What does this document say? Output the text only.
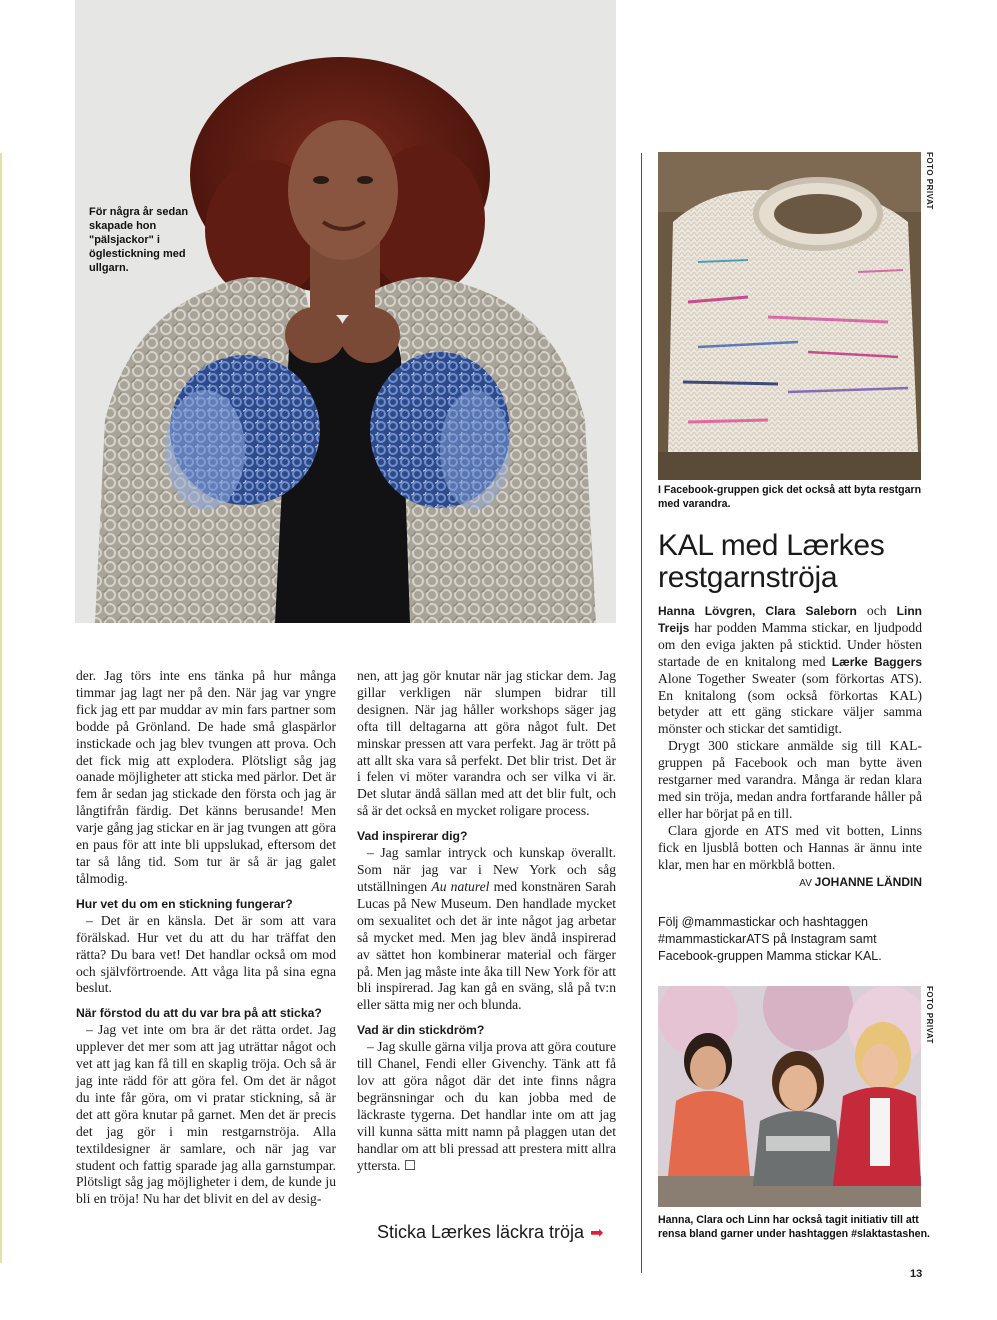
För några år sedan skapade hon "pälsjackor" i öglestickning med ullgarn.

der. Jag törs inte ens tänka på hur många timmar jag lagt ner på den. När jag var yngre fick jag ett par muddar av min fars partner som bodde på Grönland. De hade små glaspärlor instickade och jag blev tvungen att prova. Och det fick mig att explodera. Plötsligt såg jag oanade möjligheter att sticka med pärlor. Det är fem år sedan jag stickade den första och jag är långtifrån färdig. Det känns berusande! Men varje gång jag stickar en är jag tvungen att göra en paus för att inte bli uppslukad, eftersom det tar så lång tid. Som tur är så är jag galet tålmodig.

Hur vet du om en stickning fungerar?

– Det är en känsla. Det är som att vara förälskad. Hur vet du att du har träffat den rätta? Du bara vet! Det handlar också om mod och självförtroende. Att våga lita på sina egna beslut.

När förstod du att du var bra på att sticka?

– Jag vet inte om bra är det rätta ordet. Jag upplever det mer som att jag uträttar något och vet att jag kan få till en skaplig tröja. Och så är jag inte rädd för att göra fel. Om det är något du inte får göra, om vi pratar stickning, så är det att göra knutar på garnet. Men det är precis det jag gör i min restgarnströja. Alla textildesigner är samlare, och när jag var student och fattig sparade jag alla garnstumpar. Plötsligt såg jag möjligheter i dem, de kunde ju bli en tröja! Nu har det blivit en del av desig-

nen, att jag gör knutar när jag stickar dem. Jag gillar verkligen när slumpen bidrar till designen. När jag håller workshops säger jag ofta till deltagarna att göra något fult. Det minskar pressen att vara perfekt. Jag är trött på att allt ska vara så perfekt. Det blir trist. Det är i felen vi möter varandra och ser vilka vi är. Det slutar ändå sällan med att det blir fult, och så är det också en mycket roligare process.

Vad inspirerar dig?

– Jag samlar intryck och kunskap överallt. Som när jag var i New York och såg utställningen Au naturel med konstnären Sarah Lucas på New Museum. Den handlade mycket om sexualitet och det är inte något jag arbetar så mycket med. Men jag blev ändå inspirerad av sättet hon kombinerar material och färger på. Men jag måste inte åka till New York för att bli inspirerad. Jag kan gå en sväng, slå på tv:n eller sätta mig ner och blunda.

Vad är din stickdröm?

– Jag skulle gärna vilja prova att göra couture till Chanel, Fendi eller Givenchy. Tänk att få lov att göra något där det inte finns några begränsningar och du kan jobba med de läckraste tygerna. Det handlar inte om att jag vill kunna sätta mitt namn på plaggen utan det handlar om att bli pressad att prestera mitt allra yttersta. ☐

Sticka Lærkes läckra tröja ➡
FOTO PRIVAT
I Facebook-gruppen gick det också att byta restgarn med varandra.
KAL med Lærkes restgarnströja

Hanna Lövgren, Clara Saleborn och Linn Treijs har podden Mamma stickar, en ljudpodd om den eviga jakten på sticktid. Under hösten startade de en knitalong med Lærke Baggers Alone Together Sweater (som förkortas ATS). En knitalong (som också förkortas KAL) betyder att ett gäng stickare väljer samma mönster och stickar det samtidigt.

Drygt 300 stickare anmälde sig till KAL-gruppen på Facebook och man bytte även restgarner med varandra. Många är redan klara med sin tröja, medan andra fortfarande håller på eller har börjat på en till.

Clara gjorde en ATS med vit botten, Linns fick en ljusblå botten och Hannas är ännu inte klar, men har en mörkblå botten.

AV JOHANNE LÄNDIN

Följ @mammastickar och hashtaggen #mammastickarATS på Instagram samt Facebook-gruppen Mamma stickar KAL.
FOTO PRIVAT
Hanna, Clara och Linn har också tagit initiativ till att rensa bland garner under hashtaggen #slaktastashen.
13
